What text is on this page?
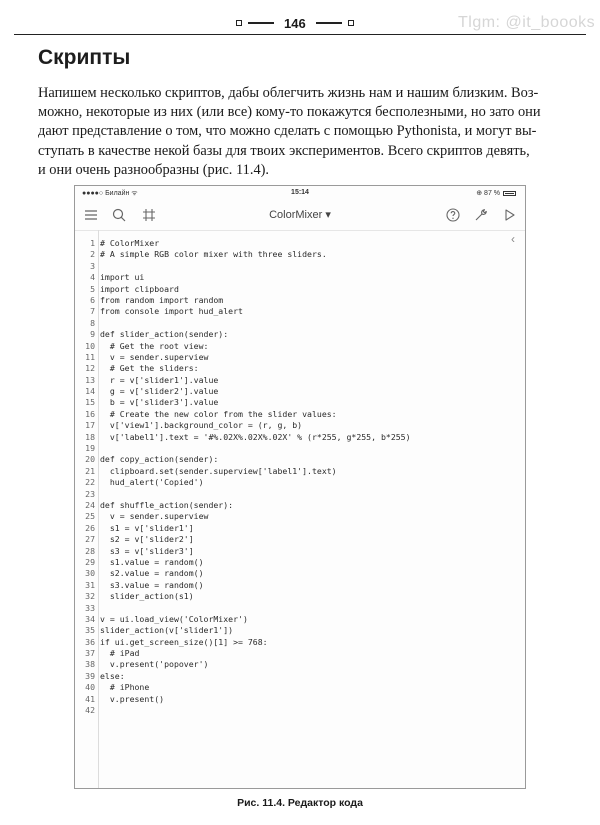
146	Tlgm: @it_boooks
Скрипты

Напишем несколько скриптов, дабы облегчить жизнь нам и нашим близким. Воз-
можно, некоторые из них (или все) кому-то покажутся бесполезными, но зато они
дают представление о том, что можно сделать с помощью Pythonista, и могут вы-
ступать в качестве некой базы для твоих экспериментов. Всего скриптов девять,
и они очень разнообразны (рис. 11.4).

●●●●○ Билайн ᯤ	15:14	⊕ 87 %
ColorMixer ▾
‹
1 # ColorMixer
2 # A simple RGB color mixer with three sliders.
3
4 import ui
5 import clipboard
6 from random import random
7 from console import hud_alert
8
9 def slider_action(sender):
10 # Get the root view:
11 v = sender.superview
12 # Get the sliders:
13 r = v['slider1'].value
14 g = v['slider2'].value
15 b = v['slider3'].value
16 # Create the new color from the slider values:
17 v['view1'].background_color = (r, g, b)
18 v['label1'].text = '#%.02X%.02X%.02X' % (r*255, g*255, b*255)
19
20 def copy_action(sender):
21 clipboard.set(sender.superview['label1'].text)
22 hud_alert('Copied')
23
24 def shuffle_action(sender):
25 v = sender.superview
26 s1 = v['slider1']
27 s2 = v['slider2']
28 s3 = v['slider3']
29 s1.value = random()
30 s2.value = random()
31 s3.value = random()
32 slider_action(s1)
33
34 v = ui.load_view('ColorMixer')
35 slider_action(v['slider1'])
36 if ui.get_screen_size()[1] >= 768:
37 # iPad
38 v.present('popover')
39 else:
40 # iPhone
41 v.present()
42
Рис. 11.4. Редактор кода
